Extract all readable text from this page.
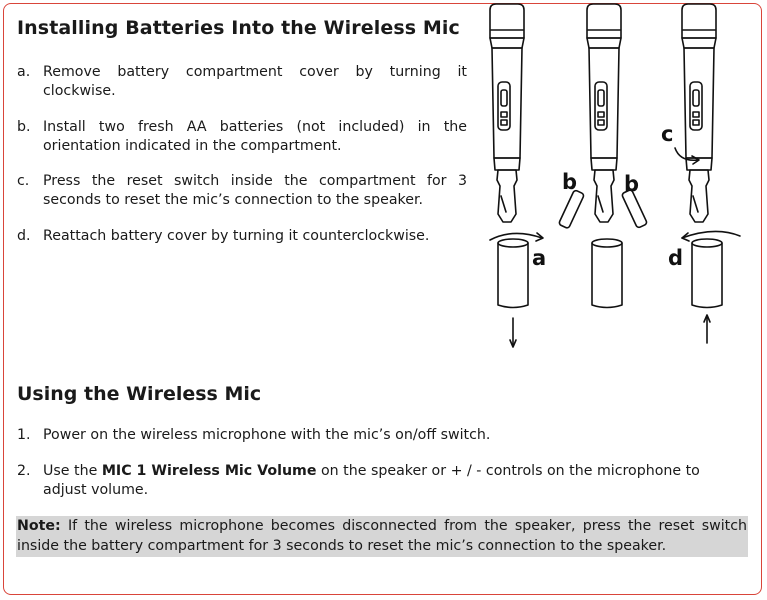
Installing Batteries Into the Wireless Mic
a. Remove battery compartment cover by turning it clockwise.
b. Install two fresh AA batteries (not included) in the orientation indicated in the compartment.
c. Press the reset switch inside the compartment for 3 seconds to reset the mic’s connection to the speaker.
d. Reattach battery cover by turning it counterclockwise.
a
b b
c
d
Using the Wireless Mic
1. Power on the wireless microphone with the mic’s on/off switch.
2. Use the MIC 1 Wireless Mic Volume on the speaker or + / - controls on the microphone to adjust volume.
Note: If the wireless microphone becomes disconnected from the speaker, press the reset switch inside the battery compartment for 3 seconds to reset the mic’s connection to the speaker.
